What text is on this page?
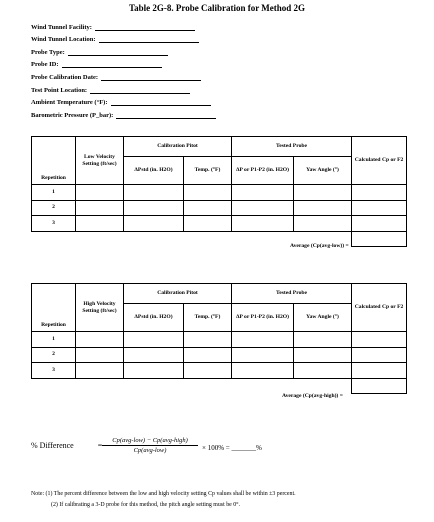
Table 2G-8. Probe Calibration for Method 2G
Wind Tunnel Facility:
Wind Tunnel Location:
Probe Type:
Probe ID:
Probe Calibration Date:
Test Point Location:
Ambient Temperature (°F):
Barometric Pressure (P_bar):
Repetition	Low Velocity Setting (ft/sec)	Calibration Pitot		Tested Probe		Calculated Cp or F2
		ΔPstd (in. H2O)	Temp. (°F)	ΔP or P1-P2 (in. H2O)	Yaw Angle (°)	
1						
2						
3						

Average (Cp(avg-low)) =
Repetition	High Velocity Setting (ft/sec)	Calibration Pitot		Tested Probe		Calculated Cp or F2
		ΔPstd (in. H2O)	Temp. (°F)	ΔP or P1-P2 (in. H2O)	Yaw Angle (°)	
1						
2						
3						

Average (Cp(avg-high)) =
% Difference	=
Cp(avg-low) − Cp(avg-high)
Cp(avg-low)	× 100% = _______%
Note: (1) The percent difference between the low and high velocity setting Cp values shall be within ±3 percent.
(2) If calibrating a 3-D probe for this method, the pitch angle setting must be 0°.
